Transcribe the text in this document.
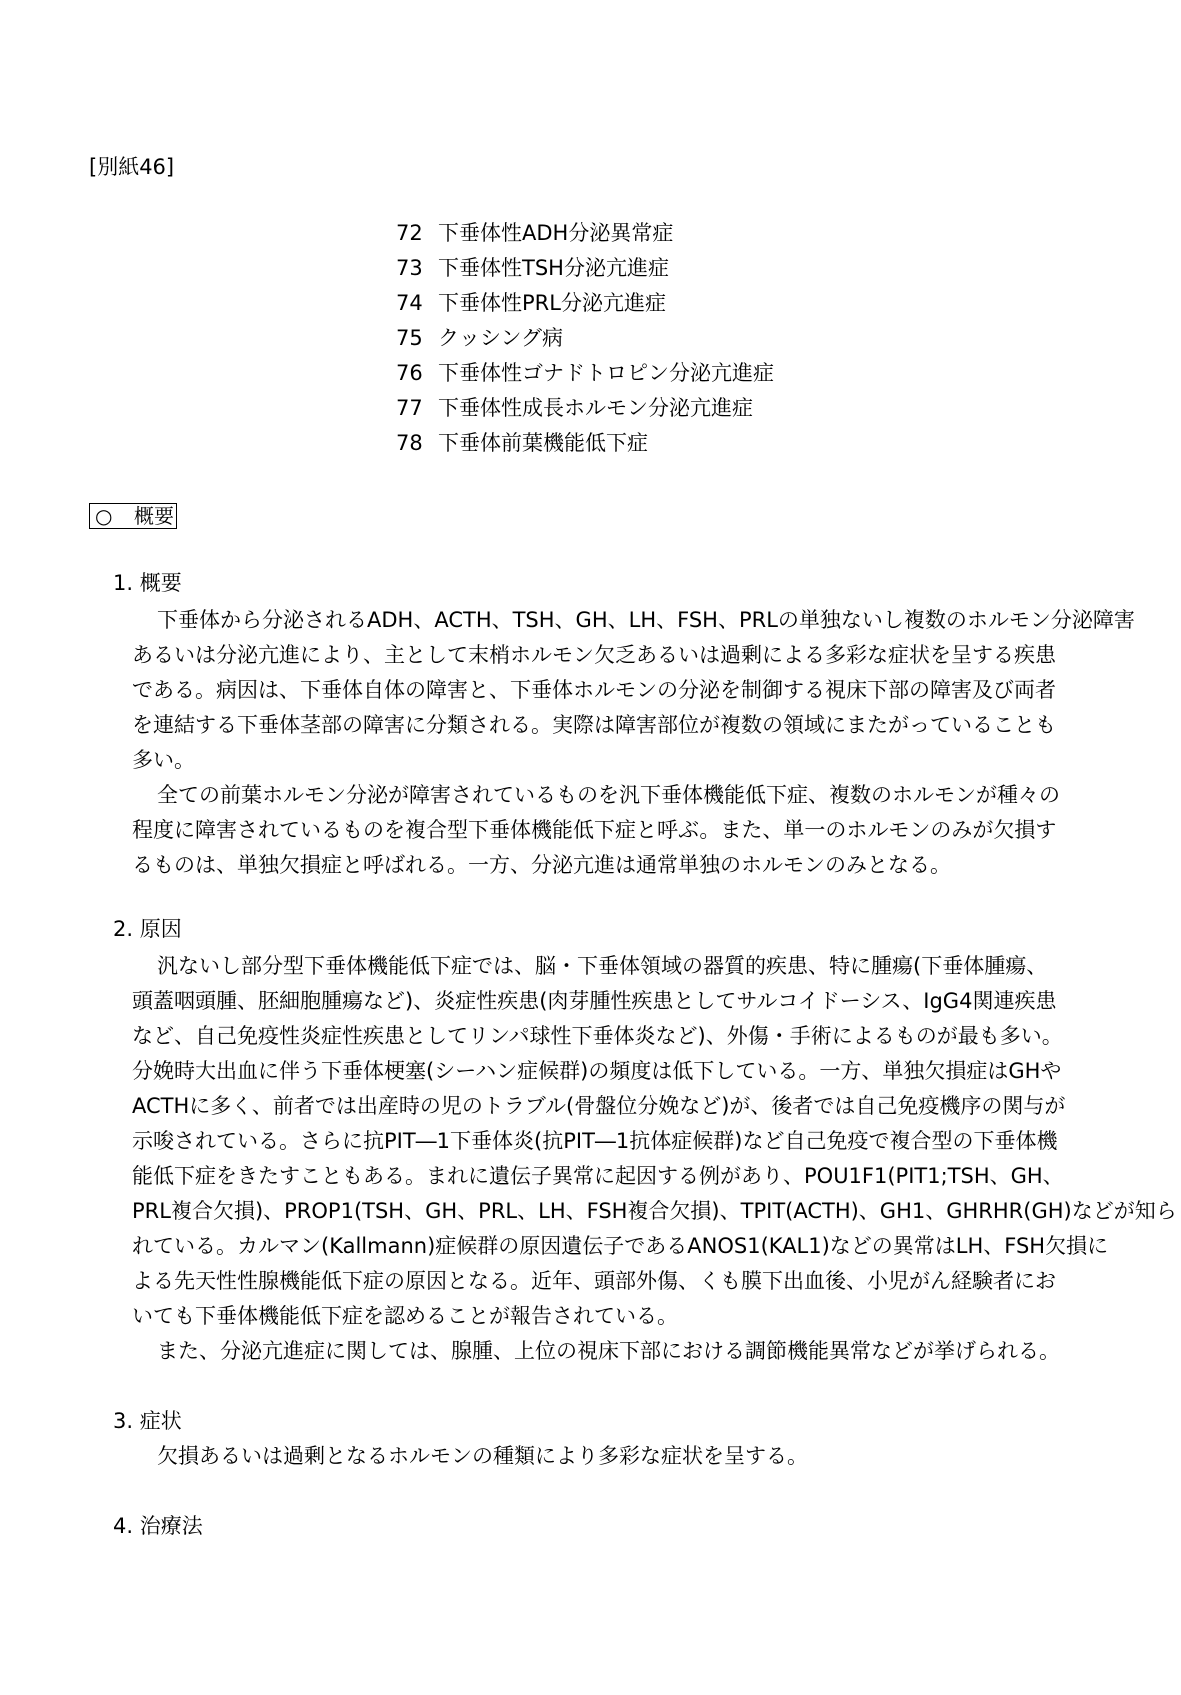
[別紙46]
72 下垂体性ADH分泌異常症
73 下垂体性TSH分泌亢進症
74 下垂体性PRL分泌亢進症
75 クッシング病
76 下垂体性ゴナドトロピン分泌亢進症
77 下垂体性成長ホルモン分泌亢進症
78 下垂体前葉機能低下症
○ 概要
1. 概要
下垂体から分泌されるADH、ACTH、TSH、GH、LH、FSH、PRLの単独ないし複数のホルモン分泌障害
あるいは分泌亢進により、主として末梢ホルモン欠乏あるいは過剰による多彩な症状を呈する疾患
である。病因は、下垂体自体の障害と、下垂体ホルモンの分泌を制御する視床下部の障害及び両者
を連結する下垂体茎部の障害に分類される。実際は障害部位が複数の領域にまたがっていることも
多い。
全ての前葉ホルモン分泌が障害されているものを汎下垂体機能低下症、複数のホルモンが種々の
程度に障害されているものを複合型下垂体機能低下症と呼ぶ。また、単一のホルモンのみが欠損す
るものは、単独欠損症と呼ばれる。一方、分泌亢進は通常単独のホルモンのみとなる。
2. 原因
汎ないし部分型下垂体機能低下症では、脳・下垂体領域の器質的疾患、特に腫瘍(下垂体腫瘍、
頭蓋咽頭腫、胚細胞腫瘍など)、炎症性疾患(肉芽腫性疾患としてサルコイドーシス、IgG4関連疾患
など、自己免疫性炎症性疾患としてリンパ球性下垂体炎など)、外傷・手術によるものが最も多い。
分娩時大出血に伴う下垂体梗塞(シーハン症候群)の頻度は低下している。一方、単独欠損症はGHや
ACTHに多く、前者では出産時の児のトラブル(骨盤位分娩など)が、後者では自己免疫機序の関与が
示唆されている。さらに抗PIT―1下垂体炎(抗PIT―1抗体症候群)など自己免疫で複合型の下垂体機
能低下症をきたすこともある。まれに遺伝子異常に起因する例があり、POU1F1(PIT1;TSH、GH、
PRL複合欠損)、PROP1(TSH、GH、PRL、LH、FSH複合欠損)、TPIT(ACTH)、GH1、GHRHR(GH)などが知ら
れている。カルマン(Kallmann)症候群の原因遺伝子であるANOS1(KAL1)などの異常はLH、FSH欠損に
よる先天性性腺機能低下症の原因となる。近年、頭部外傷、くも膜下出血後、小児がん経験者にお
いても下垂体機能低下症を認めることが報告されている。
また、分泌亢進症に関しては、腺腫、上位の視床下部における調節機能異常などが挙げられる。
3. 症状
欠損あるいは過剰となるホルモンの種類により多彩な症状を呈する。
4. 治療法
